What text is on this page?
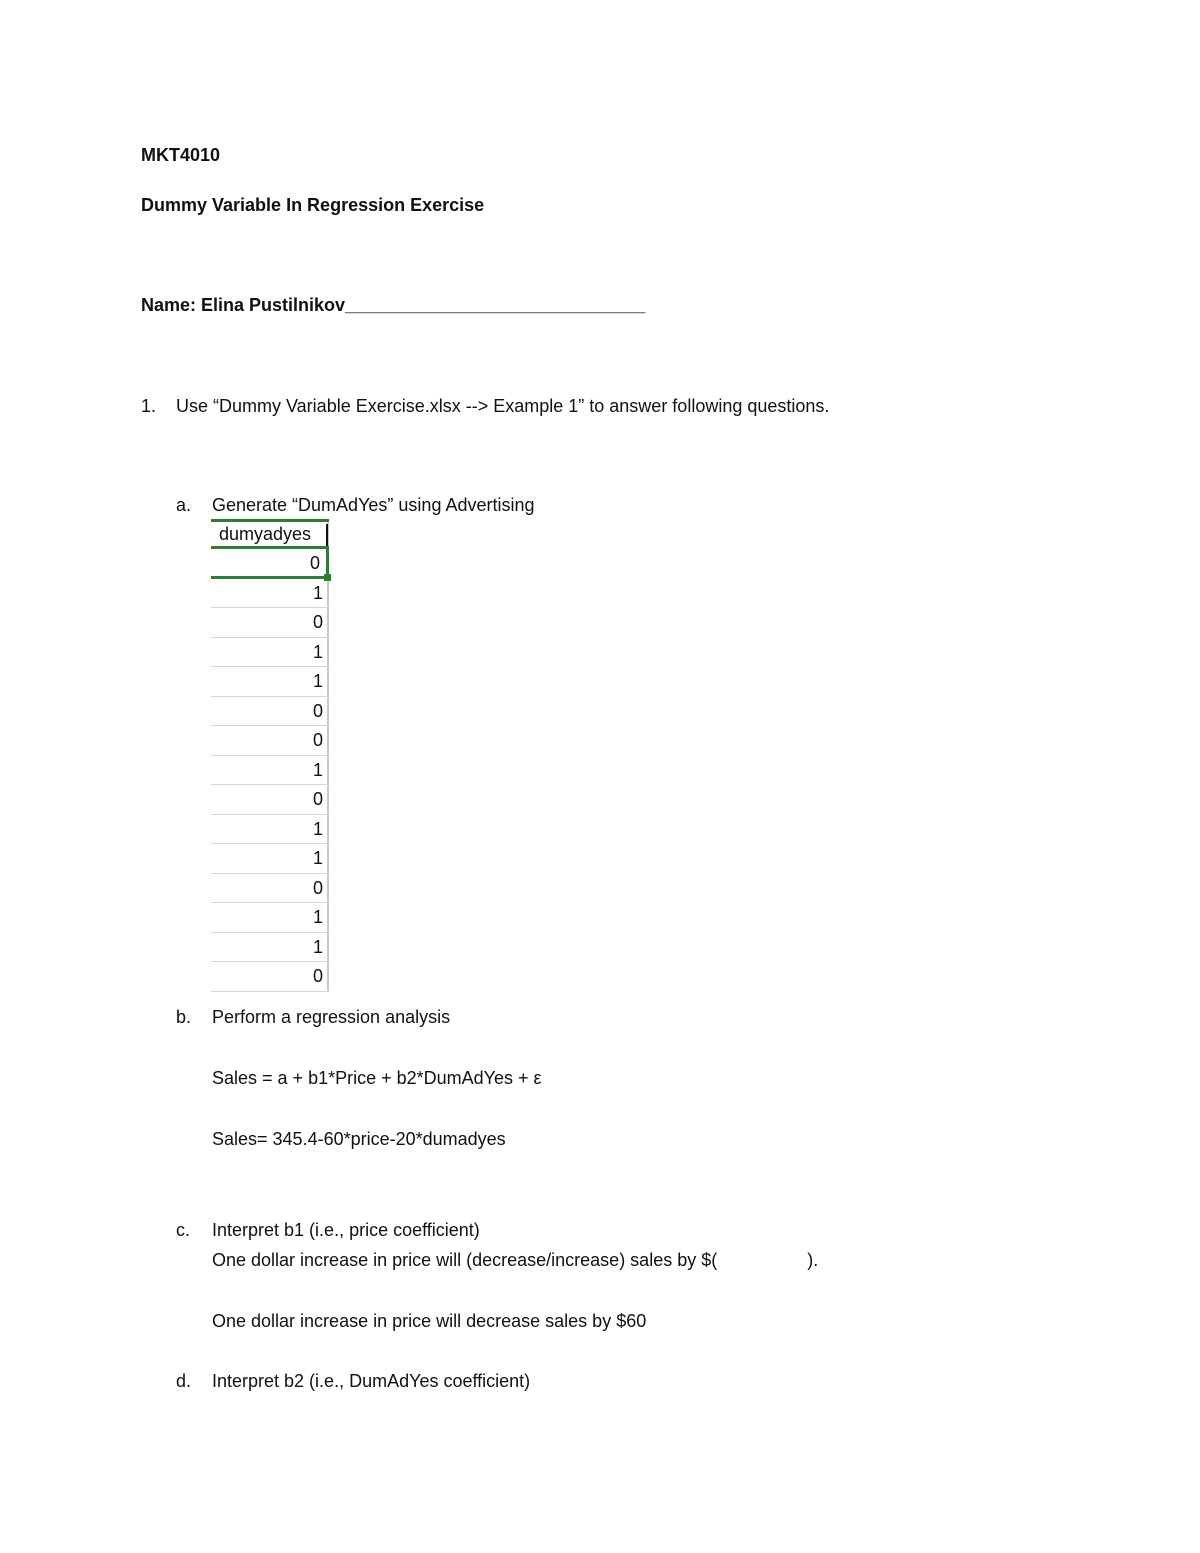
MKT4010
Dummy Variable In Regression Exercise
Name: Elina Pustilnikov______________________________
1. Use “Dummy Variable Exercise.xlsx --> Example 1” to answer following questions.
a. Generate “DumAdYes” using Advertising
dumyadyes
0
1
0
1
1
0
0
1
0
1
1
0
1
1
0
b. Perform a regression analysis
Sales = a + b1*Price + b2*DumAdYes + ε
Sales= 345.4-60*price-20*dumadyes
c. Interpret b1 (i.e., price coefficient)
One dollar increase in price will (decrease/increase) sales by $(                  ).
One dollar increase in price will decrease sales by $60
d. Interpret b2 (i.e., DumAdYes coefficient)
